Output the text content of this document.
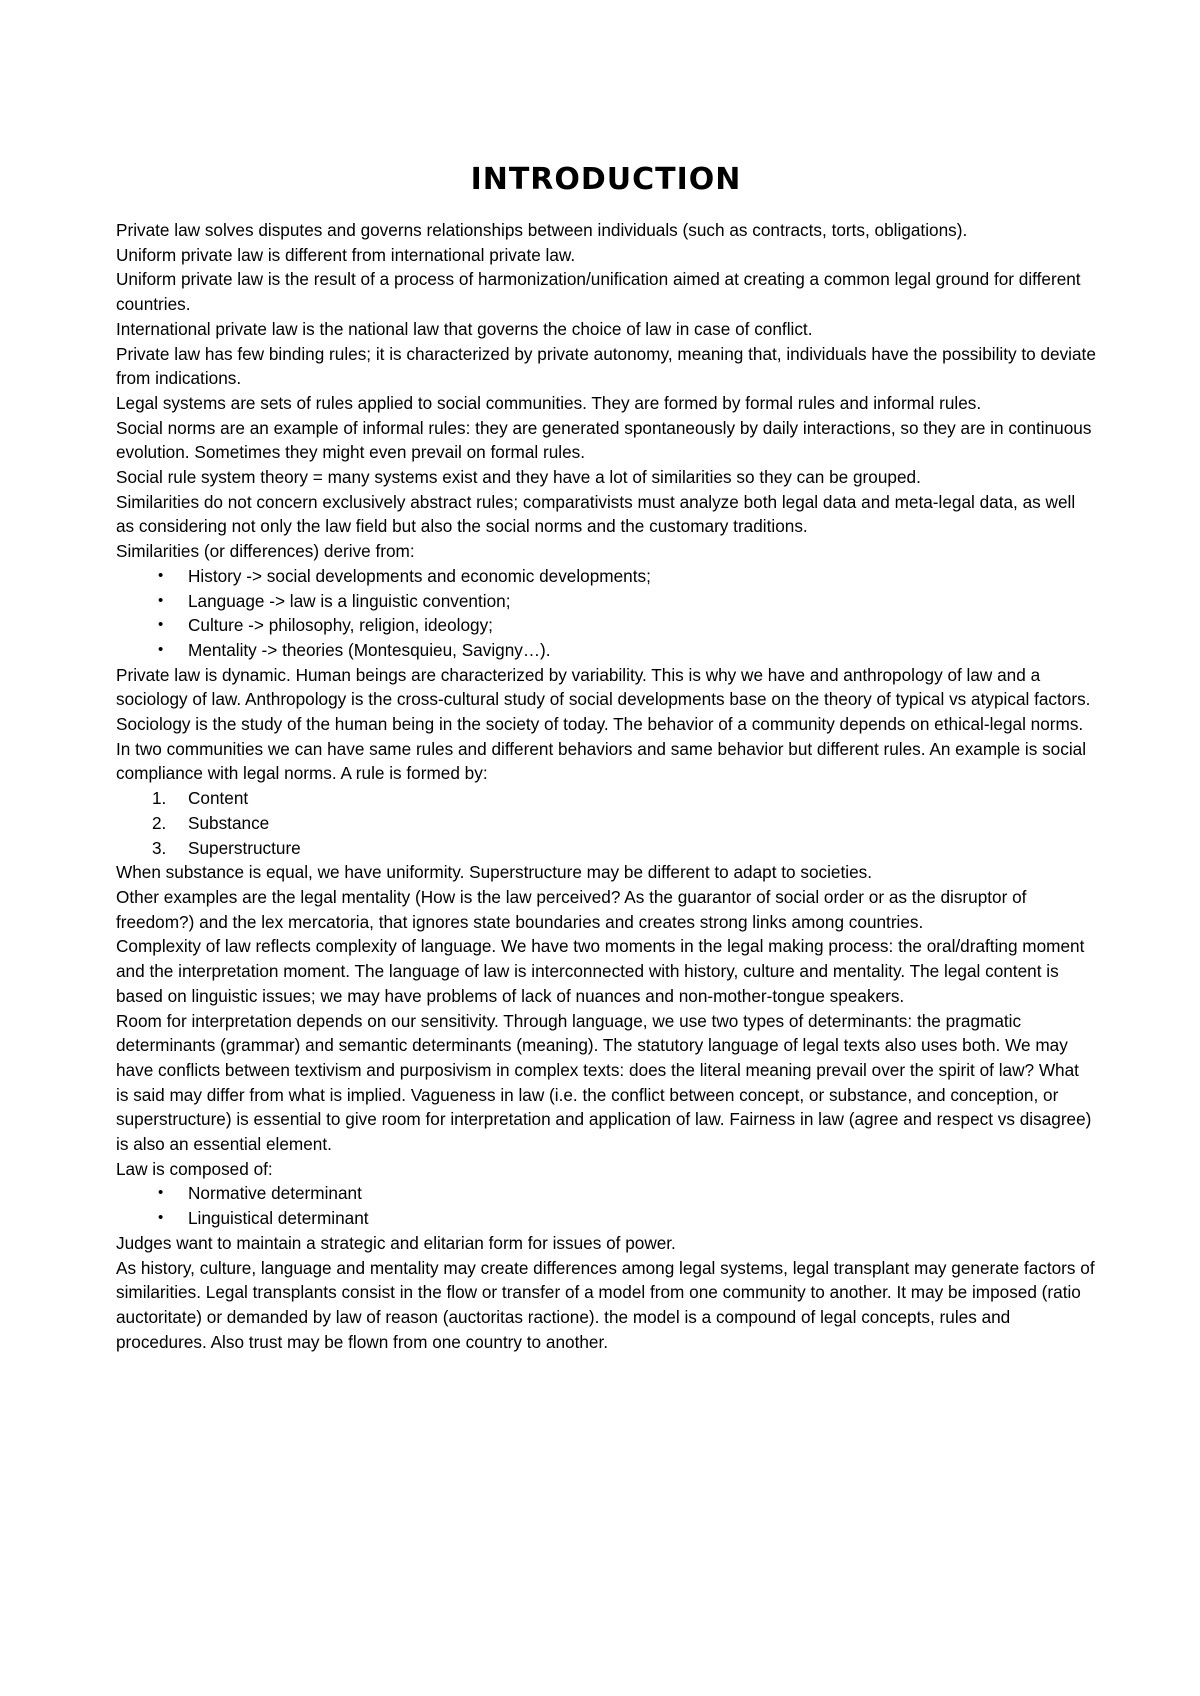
INTRODUCTION

Private law solves disputes and governs relationships between individuals (such as contracts, torts, obligations).

Uniform private law is different from international private law.

Uniform private law is the result of a process of harmonization/unification aimed at creating a common legal ground for different countries.

International private law is the national law that governs the choice of law in case of conflict.

Private law has few binding rules; it is characterized by private autonomy, meaning that, individuals have the possibility to deviate from indications.

Legal systems are sets of rules applied to social communities. They are formed by formal rules and informal rules.

Social norms are an example of informal rules: they are generated spontaneously by daily interactions, so they are in continuous evolution. Sometimes they might even prevail on formal rules.

Social rule system theory = many systems exist and they have a lot of similarities so they can be grouped.

Similarities do not concern exclusively abstract rules; comparativists must analyze both legal data and meta-legal data, as well as considering not only the law field but also the social norms and the customary traditions.

Similarities (or differences) derive from:

• History -> social developments and economic developments;
• Language -> law is a linguistic convention;
• Culture -> philosophy, religion, ideology;
• Mentality -> theories (Montesquieu, Savigny…).

Private law is dynamic. Human beings are characterized by variability. This is why we have and anthropology of law and a sociology of law. Anthropology is the cross-cultural study of social developments base on the theory of typical vs atypical factors. Sociology is the study of the human being in the society of today. The behavior of a community depends on ethical-legal norms. In two communities we can have same rules and different behaviors and same behavior but different rules. An example is social compliance with legal norms. A rule is formed by:

1. Content
2. Substance
3. Superstructure

When substance is equal, we have uniformity. Superstructure may be different to adapt to societies.

Other examples are the legal mentality (How is the law perceived? As the guarantor of social order or as the disruptor of freedom?) and the lex mercatoria, that ignores state boundaries and creates strong links among countries.

Complexity of law reflects complexity of language. We have two moments in the legal making process: the oral/drafting moment and the interpretation moment. The language of law is interconnected with history, culture and mentality. The legal content is based on linguistic issues; we may have problems of lack of nuances and non-mother-tongue speakers.

Room for interpretation depends on our sensitivity. Through language, we use two types of determinants: the pragmatic determinants (grammar) and semantic determinants (meaning). The statutory language of legal texts also uses both. We may have conflicts between textivism and purposivism in complex texts: does the literal meaning prevail over the spirit of law? What is said may differ from what is implied. Vagueness in law (i.e. the conflict between concept, or substance, and conception, or superstructure) is essential to give room for interpretation and application of law. Fairness in law (agree and respect vs disagree) is also an essential element.

Law is composed of:

• Normative determinant
• Linguistical determinant

Judges want to maintain a strategic and elitarian form for issues of power.

As history, culture, language and mentality may create differences among legal systems, legal transplant may generate factors of similarities. Legal transplants consist in the flow or transfer of a model from one community to another. It may be imposed (ratio auctoritate) or demanded by law of reason (auctoritas ractione). the model is a compound of legal concepts, rules and procedures. Also trust may be flown from one country to another.
